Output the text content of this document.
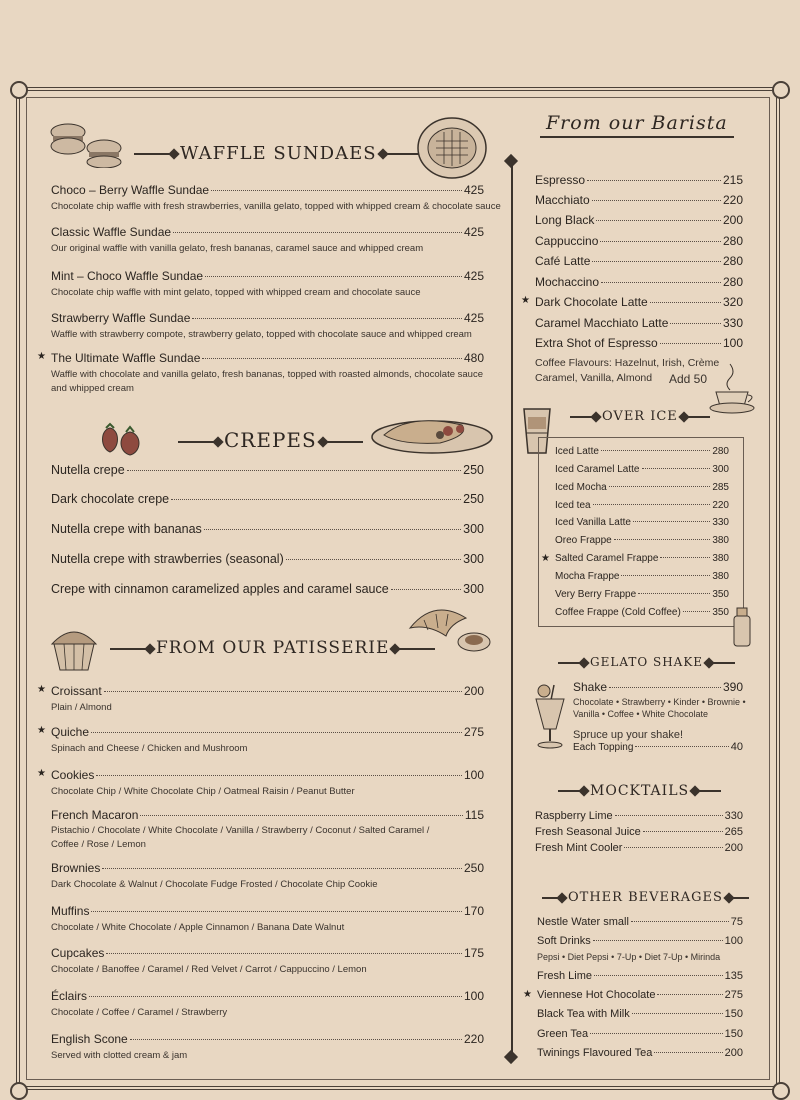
WAFFLE SUNDAES
Choco – Berry Waffle Sundae	425
Chocolate chip waffle with fresh strawberries, vanilla gelato, topped with whipped cream & chocolate sauce
Classic Waffle Sundae	425
Our original waffle with vanilla gelato, fresh bananas, caramel sauce and whipped cream
Mint – Choco Waffle Sundae	425
Chocolate chip waffle with mint gelato, topped with whipped cream and chocolate sauce
Strawberry Waffle Sundae	425
Waffle with strawberry compote, strawberry gelato, topped with chocolate sauce and whipped cream
★ The Ultimate Waffle Sundae	480
Waffle with chocolate and vanilla gelato, fresh bananas, topped with roasted almonds, chocolate sauce
and whipped cream
CREPES
Nutella crepe	250
Dark chocolate crepe	250
Nutella crepe with bananas	300
Nutella crepe with strawberries (seasonal)	300
Crepe with cinnamon caramelized apples and caramel sauce	300
FROM OUR PATISSERIE
★ Croissant	200
Plain / Almond
★ Quiche	275
Spinach and Cheese / Chicken and Mushroom
★ Cookies	100
Chocolate Chip / White Chocolate Chip / Oatmeal Raisin / Peanut Butter
French Macaron	115
Pistachio / Chocolate / White Chocolate / Vanilla / Strawberry / Coconut / Salted Caramel /
Coffee / Rose / Lemon
Brownies	250
Dark Chocolate & Walnut / Chocolate Fudge Frosted / Chocolate Chip Cookie
Muffins	170
Chocolate / White Chocolate / Apple Cinnamon / Banana Date Walnut
Cupcakes	175
Chocolate / Banoffee / Caramel / Red Velvet / Carrot / Cappuccino / Lemon
Éclairs	100
Chocolate / Coffee / Caramel / Strawberry
English Scone	220
Served with clotted cream & jam
From our Barista
Espresso	215
Macchiato	220
Long Black	200
Cappuccino	280
Café Latte	280
Mochaccino	280
★ Dark Chocolate Latte	320
Caramel Macchiato Latte	330
Extra Shot of Espresso	100
Coffee Flavours: Hazelnut, Irish, Crème
Caramel, Vanilla, Almond Add 50
OVER ICE
Iced Latte	280
Iced Caramel Latte	300
Iced Mocha	285
Iced tea	220
Iced Vanilla Latte	330
Oreo Frappe	380
★ Salted Caramel Frappe	380
Mocha Frappe	380
Very Berry Frappe	350
Coffee Frappe (Cold Coffee)	350
GELATO SHAKE
Shake	390
Chocolate • Strawberry • Kinder • Brownie •
Vanilla • Coffee • White Chocolate
Spruce up your shake!
Each Topping	40
MOCKTAILS
Raspberry Lime	330
Fresh Seasonal Juice	265
Fresh Mint Cooler	200
OTHER BEVERAGES
Nestle Water small	75
Soft Drinks	100
Pepsi • Diet Pepsi • 7-Up • Diet 7-Up • Mirinda
Fresh Lime	135
★ Viennese Hot Chocolate	275
Black Tea with Milk	150
Green Tea	150
Twinings Flavoured Tea	200
